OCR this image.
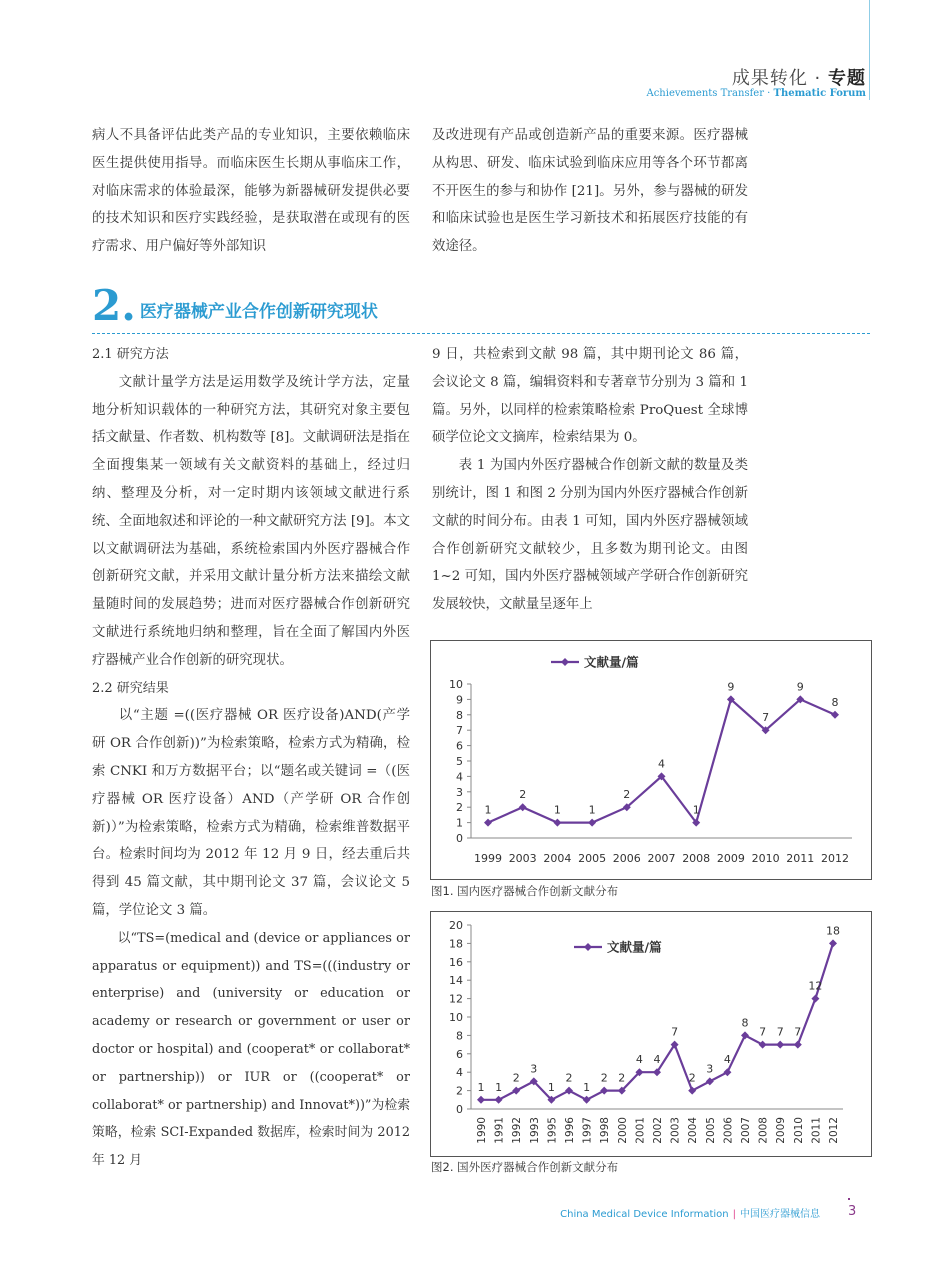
成果转化 · 专题
Achievements Transfer · Thematic Forum

病人不具备评估此类产品的专业知识，主要依赖临床医生提供使用指导。而临床医生长期从事临床工作，对临床需求的体验最深，能够为新器械研发提供必要的技术知识和医疗实践经验，是获取潜在或现有的医疗需求、用户偏好等外部知识

及改进现有产品或创造新产品的重要来源。医疗器械从构思、研发、临床试验到临床应用等各个环节都离不开医生的参与和协作 [21]。另外，参与器械的研发和临床试验也是医生学习新技术和拓展医疗技能的有效途径。

2. 医疗器械产业合作创新研究现状

2.1 研究方法

文献计量学方法是运用数学及统计学方法，定量地分析知识载体的一种研究方法，其研究对象主要包括文献量、作者数、机构数等 [8]。文献调研法是指在全面搜集某一领域有关文献资料的基础上，经过归纳、整理及分析，对一定时期内该领域文献进行系统、全面地叙述和评论的一种文献研究方法 [9]。本文以文献调研法为基础，系统检索国内外医疗器械合作创新研究文献，并采用文献计量分析方法来描绘文献量随时间的发展趋势；进而对医疗器械合作创新研究文献进行系统地归纳和整理，旨在全面了解国内外医疗器械产业合作创新的研究现状。

2.2 研究结果

以“主题 =((医疗器械 OR 医疗设备)AND(产学研 OR 合作创新))”为检索策略，检索方式为精确，检索 CNKI 和万方数据平台；以“题名或关键词 =（(医疗器械 OR 医疗设备）AND（产学研 OR 合作创新)）”为检索策略，检索方式为精确，检索维普数据平台。检索时间均为 2012 年 12 月 9 日，经去重后共得到 45 篇文献，其中期刊论文 37 篇，会议论文 5 篇，学位论文 3 篇。

以“TS=(medical and (device or appliances or apparatus or equipment)) and TS=(((industry or enterprise) and (university or education or academy or research or government or user or doctor or hospital) and (cooperat* or collaborat* or partnership)) or IUR or ((cooperat* or collaborat* or partnership) and Innovat*))”为检索策略，检索 SCI-Expanded 数据库，检索时间为 2012 年 12 月

9 日，共检索到文献 98 篇，其中期刊论文 86 篇，会议论文 8 篇，编辑资料和专著章节分别为 3 篇和 1 篇。另外，以同样的检索策略检索 ProQuest 全球博硕学位论文文摘库，检索结果为 0。

表 1 为国内外医疗器械合作创新文献的数量及类别统计，图 1 和图 2 分别为国内外医疗器械合作创新文献的时间分布。由表 1 可知，国内外医疗器械领域合作创新研究文献较少，且多数为期刊论文。由图 1~2 可知，国内外医疗器械领域产学研合作创新研究发展较快，文献量呈逐年上

0
1
2
3
4
5
6
7
8
9
10
1999 2003 2004 2005 2006 2007 2008 2009 2010 2011 2012
1
2
1	1
2
4
1
9
7
9
8
文献量/篇
图1. 国内医疗器械合作创新文献分布
0
2
4
6
8
10
12
14
16
18
20
1990 1991 1992 1993 1995 1996 1997 1998 2000 2001 2002 2003 2004 2005 2006 2007 2008 2009 2010 2011 2012
1 1
2
3
1
2
1
2 2
4 4
7
2
3
4
8
7 7 7
12
18
文献量/篇
图2. 国外医疗器械合作创新文献分布
China Medical Device Information | 中国医疗器械信息 3
